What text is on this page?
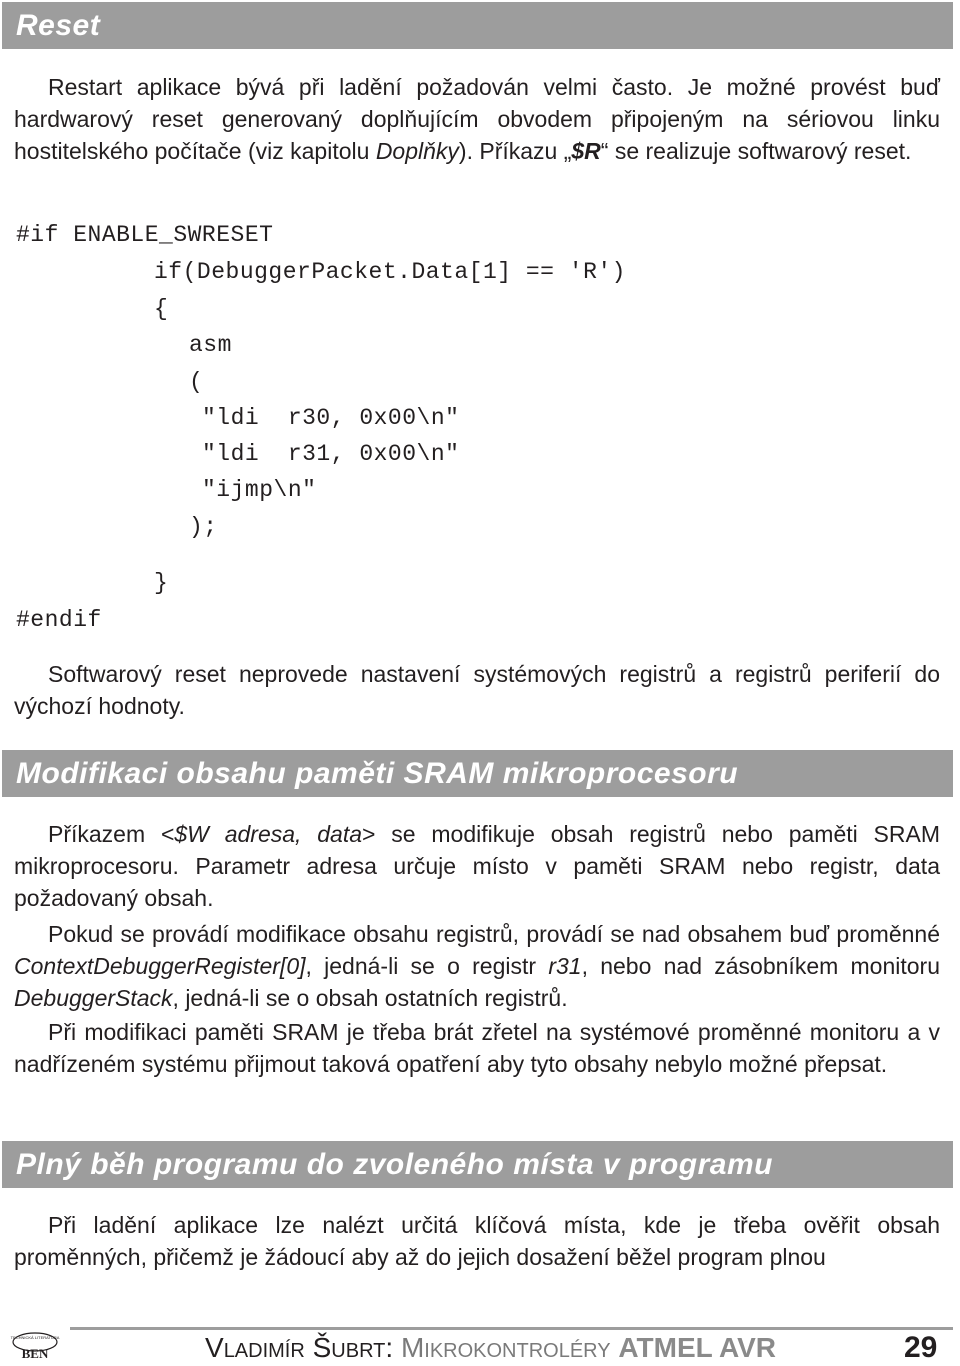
Reset

Restart aplikace bývá při ladění požadován velmi často. Je možné provést buď hardwarový reset generovaný doplňujícím obvodem připojeným na sériovou linku hostitelského počítače (viz kapitolu Doplňky). Příkazu „$R“ se realizuje softwarový reset.

#if ENABLE_SWRESET
if(DebuggerPacket.Data[1] == 'R')
{
asm
(
"ldi  r30, 0x00\n"
"ldi  r31, 0x00\n"
"ijmp\n"
);
}
#endif

Softwarový reset neprovede nastavení systémových registrů a registrů periferií do výchozí hodnoty.

Modifikaci obsahu paměti SRAM mikroprocesoru

Příkazem <$W adresa, data> se modifikuje obsah registrů nebo paměti SRAM mikroprocesoru. Parametr adresa určuje místo v paměti SRAM nebo registr, data požadovaný obsah.

Pokud se provádí modifikace obsahu registrů, provádí se nad obsahem buď proměnné ContextDebuggerRegister[0], jedná-li se o registr r31, nebo nad zásobníkem monitoru DebuggerStack, jedná-li se o obsah ostatních registrů.

Při modifikaci paměti SRAM je třeba brát zřetel na systémové proměnné monitoru a v nadřízeném systému přijmout taková opatření aby tyto obsahy nebylo možné přepsat.

Plný běh programu do zvoleného místa v programu

Při ladění aplikace lze nalézt určitá klíčová místa, kde je třeba ověřit obsah proměnných, přičemž je žádoucí aby až do jejich dosažení běžel program plnou

TECHNICKÁ LITERATURA
BEN	VLADIMÍR ŠUBRT: MIKROKONTROLÉRY ATMEL AVR	29
